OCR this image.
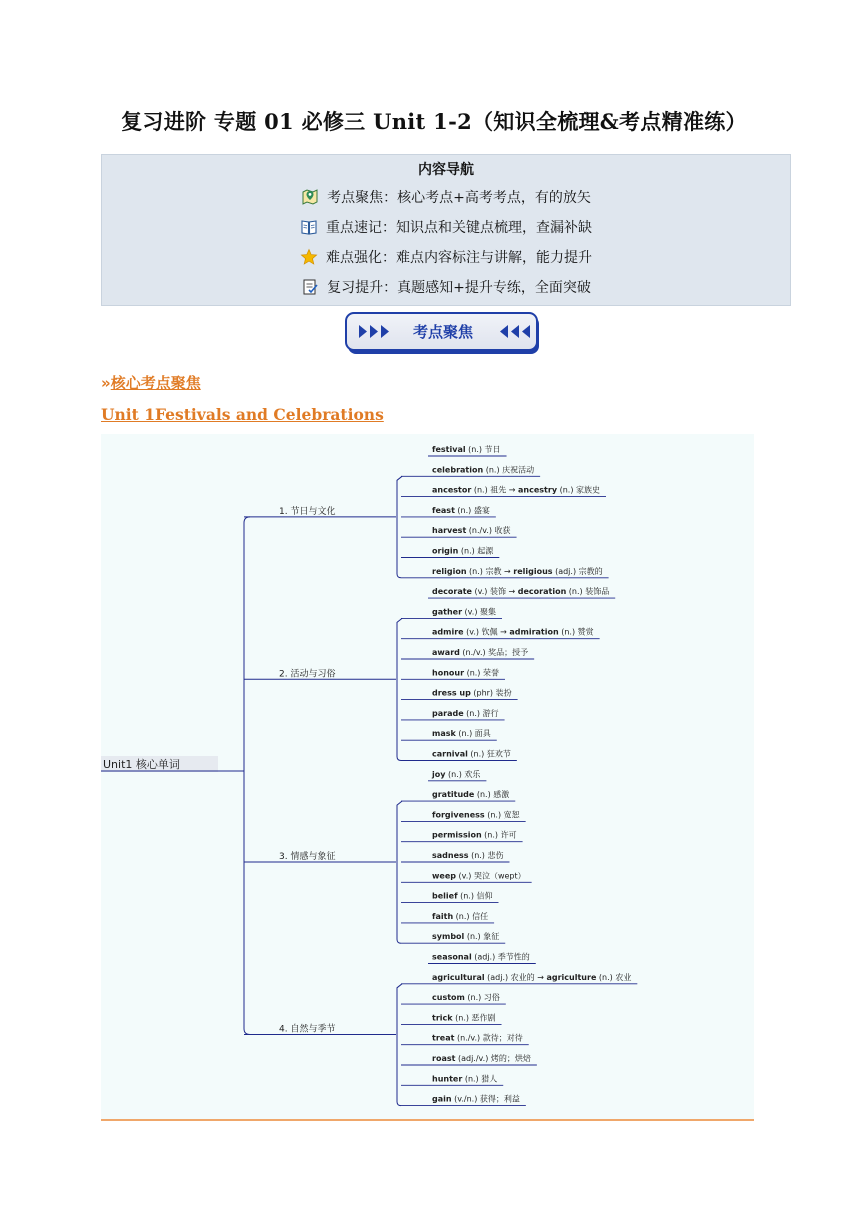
复习进阶 专题 01 必修三 Unit 1-2（知识全梳理&考点精准练）
内容导航
考点聚焦：核心考点+高考考点，有的放矢
重点速记：知识点和关键点梳理，查漏补缺
难点强化：难点内容标注与讲解，能力提升
复习提升：真题感知+提升专练，全面突破
考点聚焦
»核心考点聚焦
Unit 1Festivals and Celebrations
Unit1 核心单词
1. 节日与文化
festival (n.) 节日
celebration (n.) 庆祝活动
ancestor (n.) 祖先 → ancestry (n.) 家族史
feast (n.) 盛宴
harvest (n./v.) 收获
origin (n.) 起源
religion (n.) 宗教 → religious (adj.) 宗教的
2. 活动与习俗
decorate (v.) 装饰 → decoration (n.) 装饰品
gather (v.) 聚集
admire (v.) 钦佩 → admiration (n.) 赞赏
award (n./v.) 奖品；授予
honour (n.) 荣誉
dress up (phr) 装扮
parade (n.) 游行
mask (n.) 面具
carnival (n.) 狂欢节
3. 情感与象征
joy (n.) 欢乐
gratitude (n.) 感激
forgiveness (n.) 宽恕
permission (n.) 许可
sadness (n.) 悲伤
weep (v.) 哭泣（wept）
belief (n.) 信仰
faith (n.) 信任
symbol (n.) 象征
4. 自然与季节
seasonal (adj.) 季节性的
agricultural (adj.) 农业的 → agriculture (n.) 农业
custom (n.) 习俗
trick (n.) 恶作剧
treat (n./v.) 款待；对待
roast (adj./v.) 烤的；烘焙
hunter (n.) 猎人
gain (v./n.) 获得；利益
